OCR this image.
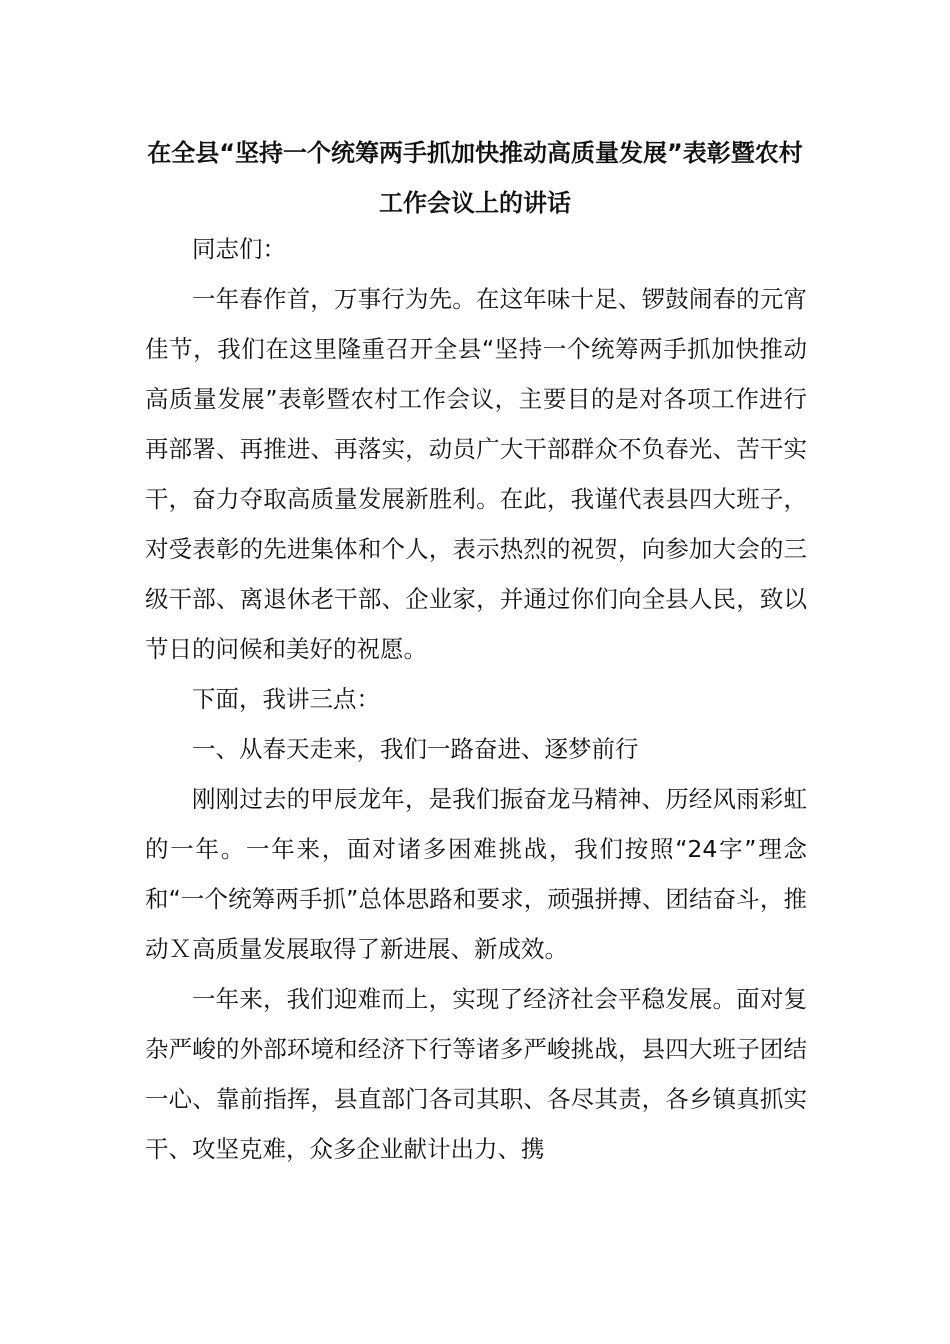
在全县“坚持一个统筹两手抓加快推动高质量发展”表彰暨农村工作会议上的讲话

同志们：

一年春作首，万事行为先。在这年味十足、锣鼓闹春的元宵佳节，我们在这里隆重召开全县“坚持一个统筹两手抓加快推动高质量发展”表彰暨农村工作会议，主要目的是对各项工作进行再部署、再推进、再落实，动员广大干部群众不负春光、苦干实干，奋力夺取高质量发展新胜利。在此，我谨代表县四大班子，对受表彰的先进集体和个人，表示热烈的祝贺，向参加大会的三级干部、离退休老干部、企业家，并通过你们向全县人民，致以节日的问候和美好的祝愿。

下面，我讲三点：

一、从春天走来，我们一路奋进、逐梦前行

刚刚过去的甲辰龙年，是我们振奋龙马精神、历经风雨彩虹的一年。一年来，面对诸多困难挑战，我们按照“24字”理念和“一个统筹两手抓”总体思路和要求，顽强拼搏、团结奋斗，推动Ｘ高质量发展取得了新进展、新成效。

一年来，我们迎难而上，实现了经济社会平稳发展。面对复杂严峻的外部环境和经济下行等诸多严峻挑战，县四大班子团结一心、靠前指挥，县直部门各司其职、各尽其责，各乡镇真抓实干、攻坚克难，众多企业献计出力、携
